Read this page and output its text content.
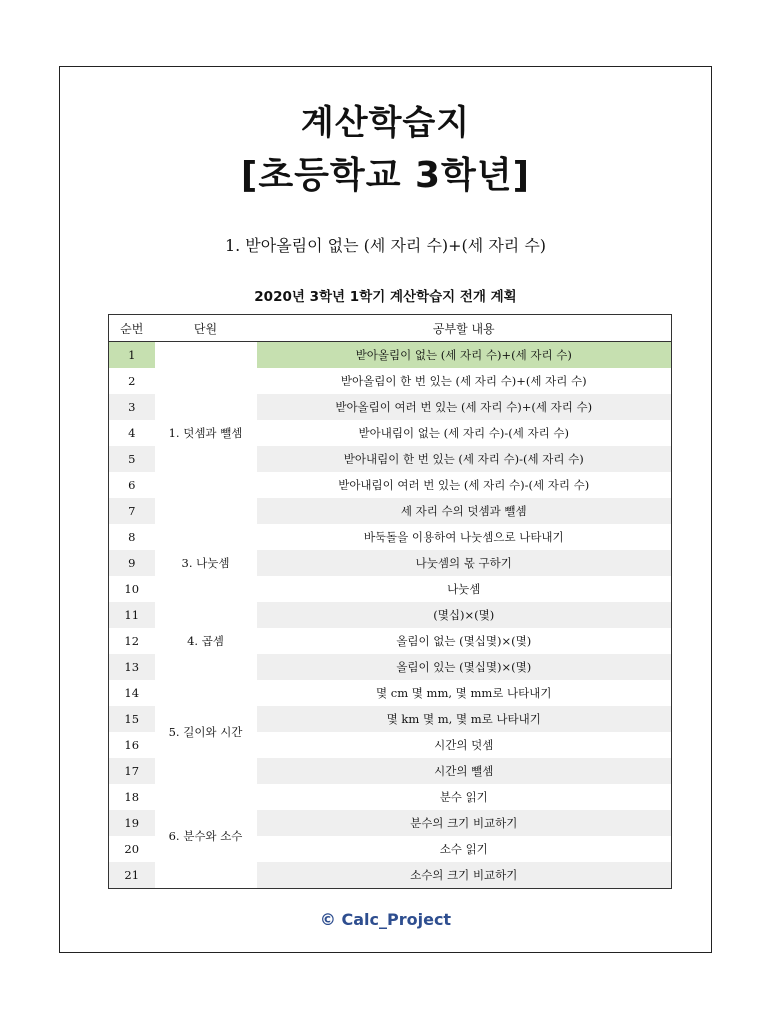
계산학습지
[초등학교 3학년]
1. 받아올림이 없는 (세 자리 수)+(세 자리 수)
2020년 3학년 1학기 계산학습지 전개 계획
순번	단원	공부할 내용
1	1. 덧셈과 뺄셈	받아올림이 없는 (세 자리 수)+(세 자리 수)
2		받아올림이 한 번 있는 (세 자리 수)+(세 자리 수)
3		받아올림이 여러 번 있는 (세 자리 수)+(세 자리 수)
4		받아내림이 없는 (세 자리 수)-(세 자리 수)
5		받아내림이 한 번 있는 (세 자리 수)-(세 자리 수)
6		받아내림이 여러 번 있는 (세 자리 수)-(세 자리 수)
7		세 자리 수의 덧셈과 뺄셈
8	3. 나눗셈	바둑돌을 이용하여 나눗셈으로 나타내기
9		나눗셈의 몫 구하기
10		나눗셈
11	4. 곱셈	(몇십)×(몇)
12		올림이 없는 (몇십몇)×(몇)
13		올림이 있는 (몇십몇)×(몇)
14	5. 길이와 시간	몇 cm 몇 mm, 몇 mm로 나타내기
15		몇 km 몇 m, 몇 m로 나타내기
16		시간의 덧셈
17		시간의 뺄셈
18	6. 분수와 소수	분수 읽기
19		분수의 크기 비교하기
20		소수 읽기
21		소수의 크기 비교하기
© Calc_Project
